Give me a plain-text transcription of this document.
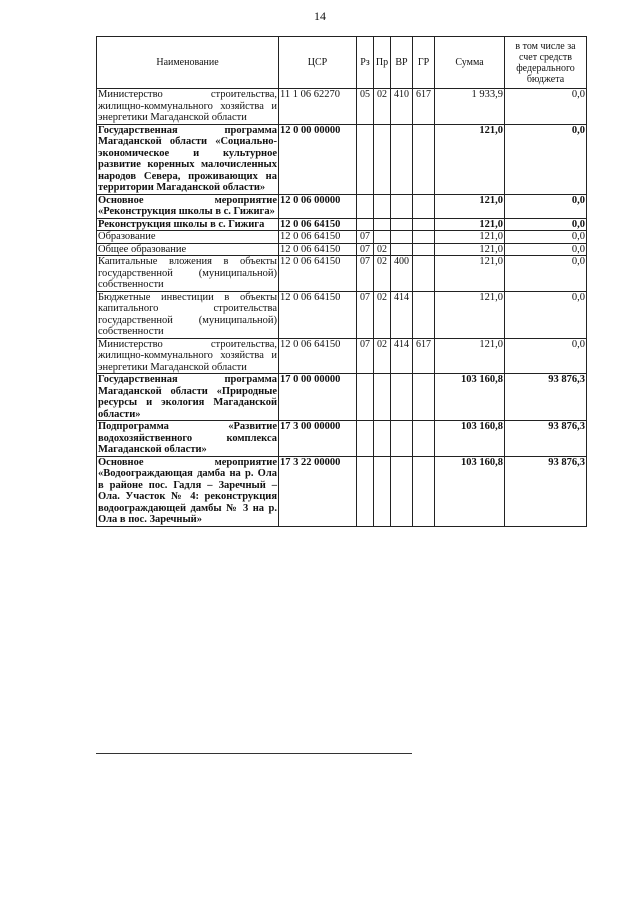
14
Наименование	ЦСР	Рз	Пр	ВР	ГР	Сумма	в том числе за счет средств федерального бюджета
Министерство строительства, жилищно-коммунального хозяйства и энергетики Магаданской области	11 1 06 62270	05	02	410	617	1 933,9	0,0
Государственная программа Магаданской области «Социально-экономическое и культурное развитие коренных малочисленных народов Севера, проживающих на территории Магаданской области»	12 0 00 00000					121,0	0,0
Основное мероприятие «Реконструкция школы в с. Гижига»	12 0 06 00000					121,0	0,0
Реконструкция школы в с. Гижига	12 0 06 64150					121,0	0,0
Образование	12 0 06 64150	07				121,0	0,0
Общее образование	12 0 06 64150	07	02			121,0	0,0
Капитальные вложения в объекты государственной (муниципальной) собственности	12 0 06 64150	07	02	400		121,0	0,0
Бюджетные инвестиции в объекты капитального строительства государственной (муниципальной) собственности	12 0 06 64150	07	02	414		121,0	0,0
Министерство строительства, жилищно-коммунального хозяйства и энергетики Магаданской области	12 0 06 64150	07	02	414	617	121,0	0,0
Государственная программа Магаданской области «Природные ресурсы и экология Магаданской области»	17 0 00 00000					103 160,8	93 876,3
Подпрограмма «Развитие водохозяйственного комплекса Магаданской области»	17 3 00 00000					103 160,8	93 876,3
Основное мероприятие «Водоограждающая дамба на р. Ола в районе пос. Гадля – Заречный – Ола. Участок № 4: реконструкция водоограждающей дамбы № 3 на р. Ола в пос. Заречный»	17 3 22 00000					103 160,8	93 876,3
